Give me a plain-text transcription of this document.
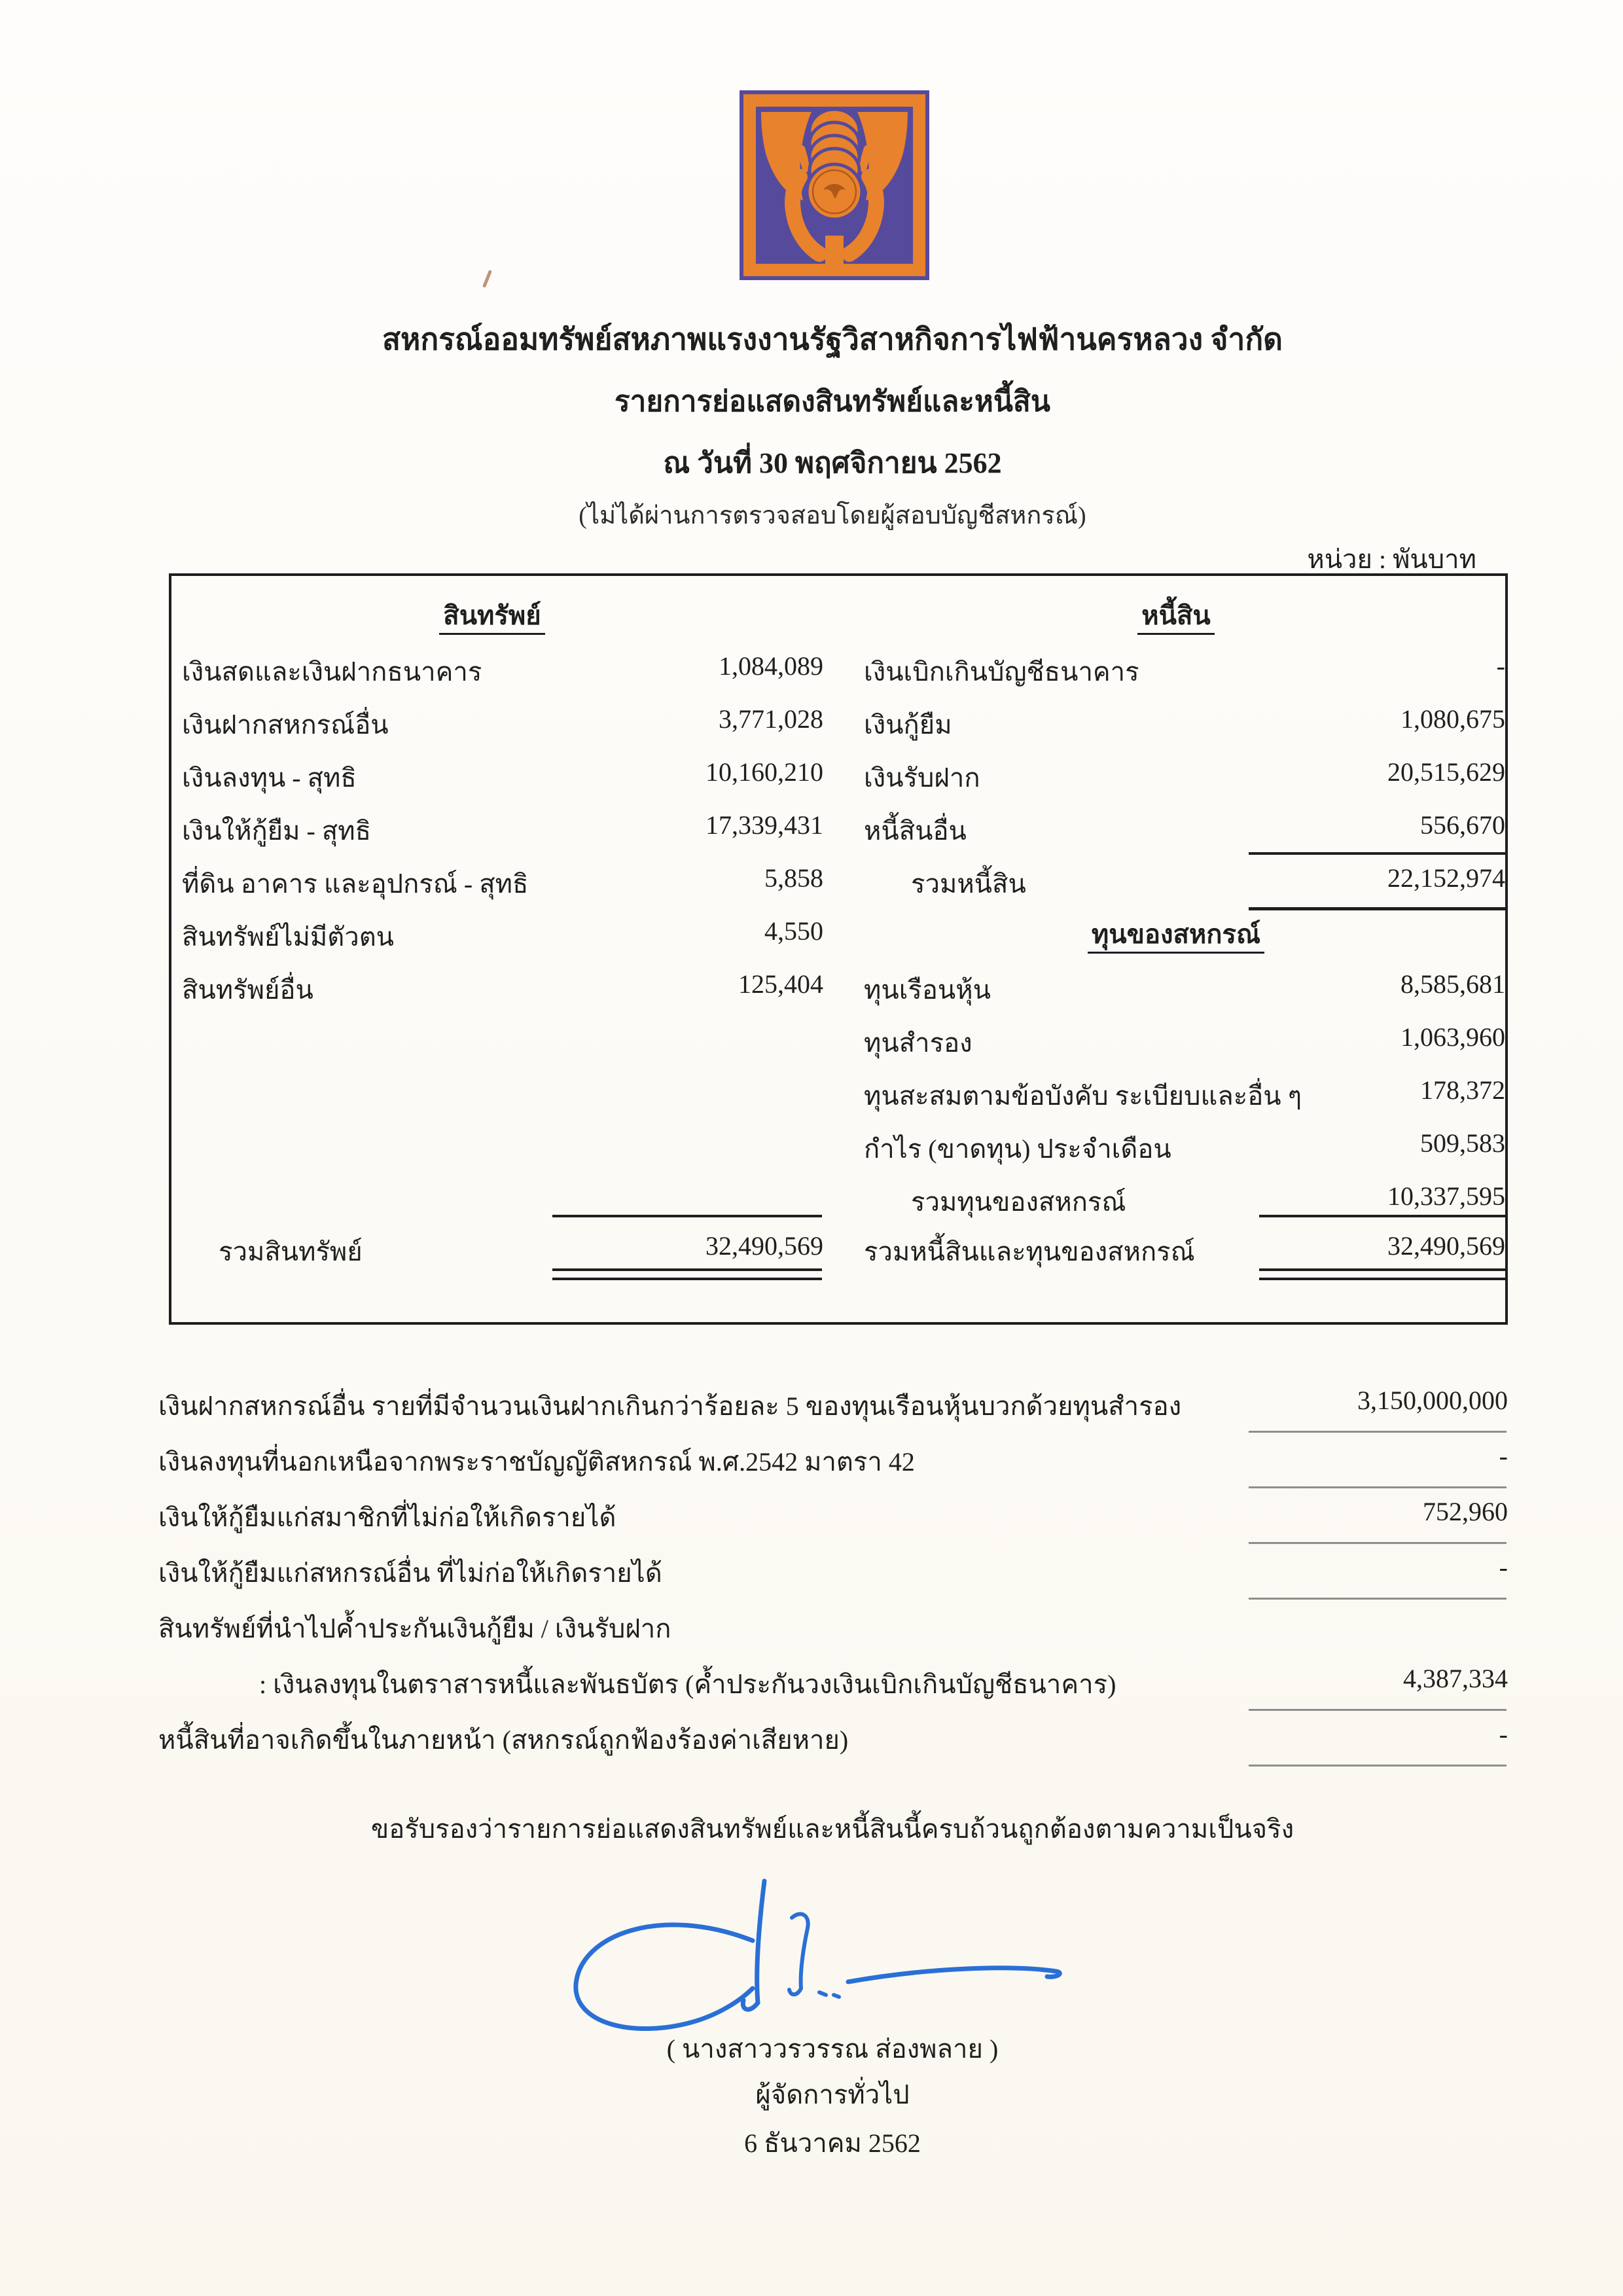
สหกรณ์ออมทรัพย์สหภาพแรงงานรัฐวิสาหกิจการไฟฟ้านครหลวง จำกัด
รายการย่อแสดงสินทรัพย์และหนี้สิน
ณ วันที่ 30 พฤศจิกายน 2562
(ไม่ได้ผ่านการตรวจสอบโดยผู้สอบบัญชีสหกรณ์)
หน่วย : พันบาท
สินทรัพย์	หนี้สิน
เงินสดและเงินฝากธนาคาร	1,084,089
เงินฝากสหกรณ์อื่น	3,771,028
เงินลงทุน - สุทธิ	10,160,210
เงินให้กู้ยืม - สุทธิ	17,339,431
ที่ดิน อาคาร และอุปกรณ์ - สุทธิ	5,858
สินทรัพย์ไม่มีตัวตน	4,550
สินทรัพย์อื่น	125,404
เงินเบิกเกินบัญชีธนาคาร	-
เงินกู้ยืม	1,080,675
เงินรับฝาก	20,515,629
หนี้สินอื่น	556,670
รวมหนี้สิน	22,152,974
ทุนของสหกรณ์
ทุนเรือนหุ้น	8,585,681
ทุนสำรอง	1,063,960
ทุนสะสมตามข้อบังคับ ระเบียบและอื่น ๆ	178,372
กำไร (ขาดทุน) ประจำเดือน	509,583
รวมทุนของสหกรณ์	10,337,595
รวมสินทรัพย์	32,490,569 รวมหนี้สินและทุนของสหกรณ์	32,490,569
เงินฝากสหกรณ์อื่น รายที่มีจำนวนเงินฝากเกินกว่าร้อยละ 5 ของทุนเรือนหุ้นบวกด้วยทุนสำรอง	3,150,000,000
เงินลงทุนที่นอกเหนือจากพระราชบัญญัติสหกรณ์ พ.ศ.2542 มาตรา 42	-
เงินให้กู้ยืมแก่สมาชิกที่ไม่ก่อให้เกิดรายได้	752,960
เงินให้กู้ยืมแก่สหกรณ์อื่น ที่ไม่ก่อให้เกิดรายได้	-
สินทรัพย์ที่นำไปค้ำประกันเงินกู้ยืม / เงินรับฝาก
: เงินลงทุนในตราสารหนี้และพันธบัตร (ค้ำประกันวงเงินเบิกเกินบัญชีธนาคาร)	4,387,334
หนี้สินที่อาจเกิดขึ้นในภายหน้า (สหกรณ์ถูกฟ้องร้องค่าเสียหาย)	-
ขอรับรองว่ารายการย่อแสดงสินทรัพย์และหนี้สินนี้ครบถ้วนถูกต้องตามความเป็นจริง
( นางสาววรวรรณ ส่องพลาย )
ผู้จัดการทั่วไป
6 ธันวาคม 2562
